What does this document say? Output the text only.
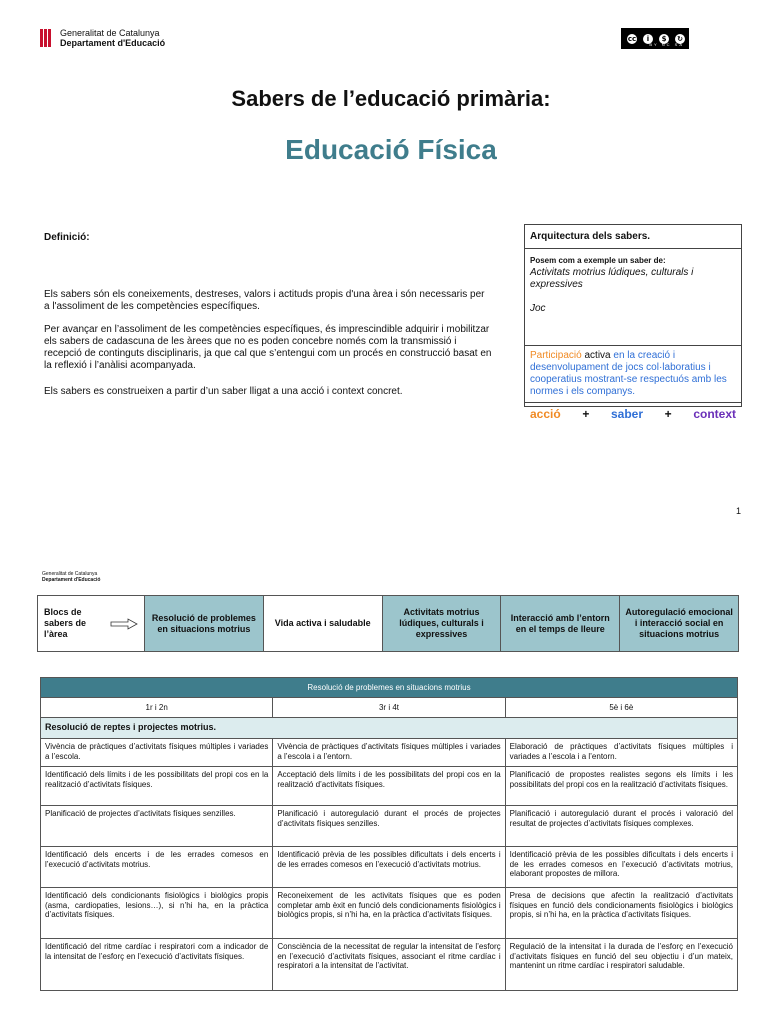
Generalitat de Catalunya
Departament d'Educació	cc	i	$	↻
BY NC SA
Sabers de l’educació primària:
Educació Física
Definició:
Els sabers són els coneixements, destreses, valors i actituds propis d'una àrea i són necessaris per a l'assoliment de les competències específiques.
Per avançar en l’assoliment de les competències específiques, és imprescindible adquirir i mobilitzar els sabers de cadascuna de les àrees que no es poden concebre només com la transmissió i recepció de continguts disciplinaris, ja que cal que s’entengui com un procés en construcció basat en la reflexió i l’anàlisi acompanyada.
Els sabers es construeixen a partir d’un saber lligat a una acció i context concret.
Arquitectura dels sabers.
Posem com a exemple un saber de:
Activitats motrius lúdiques, culturals i expressives
Joc
Participació activa en la creació i desenvolupament de jocs col·laboratius i cooperatius mostrant-se respectuós amb les normes i els companys.
acció + saber + context
1
Generalitat de Catalunya
Departament d'Educació
Blocs de sabers de l’àrea
	Resolució de problemes en situacions motrius	Vida activa i saludable	Activitats motrius lúdiques, culturals i expressives	Interacció amb l’entorn en el temps de lleure	Autoregulació emocional i interacció social en situacions motrius
Resolució de problemes en situacions motrius		
1r i 2n	3r i 4t	5è i 6è
Resolució de reptes i projectes motrius.		
Vivència de pràctiques d’activitats físiques múltiples i variades a l’escola.	Vivència de pràctiques d’activitats físiques múltiples i variades a l’escola i a l’entorn.	Elaboració de pràctiques d’activitats físiques múltiples i variades a l’escola i a l’entorn.
Identificació dels límits i de les possibilitats del propi cos en la realització d’activitats físiques.	Acceptació dels límits i de les possibilitats del propi cos en la realització d’activitats físiques.	Planificació de propostes realistes segons els límits i les possibilitats del propi cos en la realització d’activitats físiques.
Planificació de projectes d’activitats físiques senzilles.	Planificació i autoregulació durant el procés de projectes d’activitats físiques senzilles.	Planificació i autoregulació durant el procés i valoració del resultat de projectes d’activitats físiques complexes.
Identificació dels encerts i de les errades comesos en l’execució d’activitats motrius.	Identificació prèvia de les possibles dificultats i dels encerts i de les errades comesos en l’execució d’activitats motrius.	Identificació prèvia de les possibles dificultats i dels encerts i de les errades comesos en l’execució d’activitats motrius, elaborant propostes de millora.
Identificació dels condicionants fisiològics i biològics propis (asma, cardiopaties, lesions…), si n’hi ha, en la pràctica d’activitats físiques.	Reconeixement de les activitats físiques que es poden completar amb èxit en funció dels condicionaments fisiològics i biològics propis, si n’hi ha, en la pràctica d’activitats físiques.	Presa de decisions que afectin la realització d’activitats físiques en funció dels condicionaments fisiològics i biològics propis, si n’hi ha, en la pràctica d’activitats físiques.
Identificació del ritme cardíac i respiratori com a indicador de la intensitat de l’esforç en l’execució d’activitats físiques.	Consciència de la necessitat de regular la intensitat de l’esforç en l’execució d’activitats físiques, associant el ritme cardíac i respiratori a la intensitat de l’activitat.	Regulació de la intensitat i la durada de l’esforç en l’execució d’activitats físiques en funció del seu objectiu i d’un mateix, mantenint un ritme cardíac i respiratori saludable.
